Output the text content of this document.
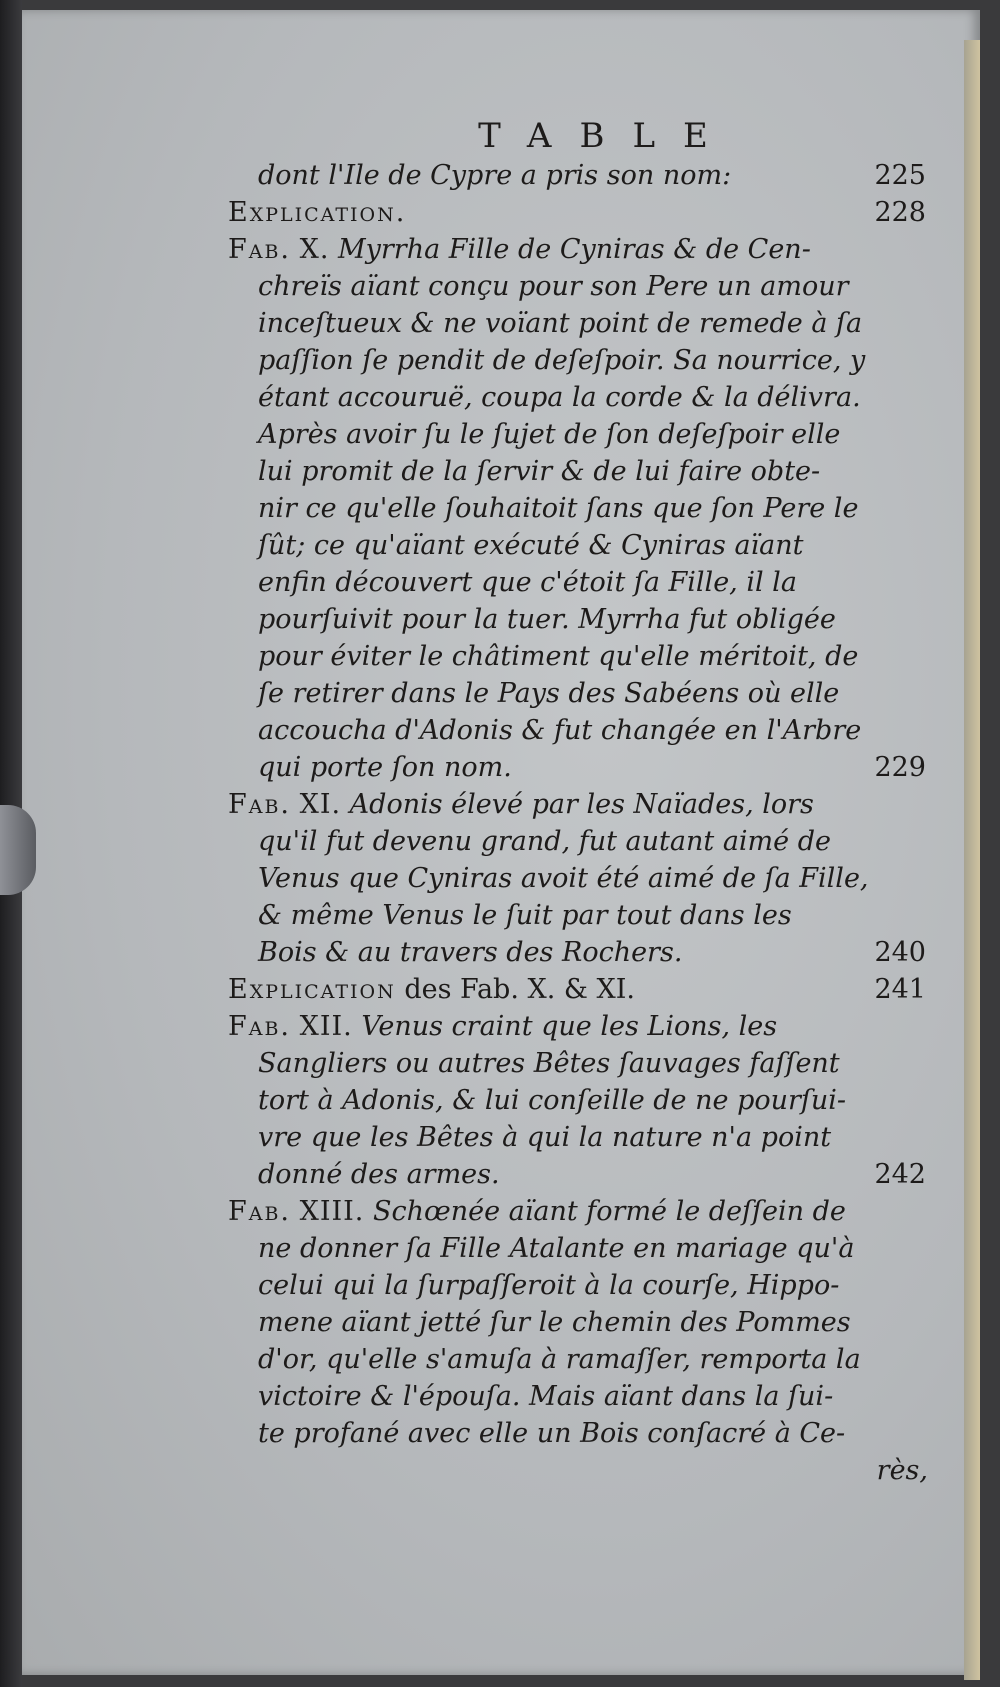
TABLE
dont l'Ile de Cypre a pris son nom:	225
Explication.	228
Fab. X. Myrrha Fille de Cyniras & de Cen-
chreïs aïant conçu pour son Pere un amour
inceſtueux & ne voïant point de remede à ſa
paſſion ſe pendit de deſeſpoir. Sa nourrice, y
étant accouruë, coupa la corde & la délivra.
Après avoir ſu le ſujet de ſon deſeſpoir elle
lui promit de la ſervir & de lui faire obte-
nir ce qu'elle ſouhaitoit ſans que ſon Pere le
ſût; ce qu'aïant exécuté & Cyniras aïant
enfin découvert que c'étoit ſa Fille, il la
pourſuivit pour la tuer. Myrrha fut obligée
pour éviter le châtiment qu'elle méritoit, de
ſe retirer dans le Pays des Sabéens où elle
accoucha d'Adonis & fut changée en l'Arbre
qui porte ſon nom.	229
Fab. XI. Adonis élevé par les Naïades, lors
qu'il fut devenu grand, fut autant aimé de
Venus que Cyniras avoit été aimé de ſa Fille,
& même Venus le ſuit par tout dans les
Bois & au travers des Rochers.	240
Explication des Fab. X. & XI.	241
Fab. XII. Venus craint que les Lions, les
Sangliers ou autres Bêtes ſauvages faſſent
tort à Adonis, & lui conſeille de ne pourſui-
vre que les Bêtes à qui la nature n'a point
donné des armes.	242
Fab. XIII. Schœnée aïant formé le deſſein de
ne donner ſa Fille Atalante en mariage qu'à
celui qui la ſurpaſſeroit à la courſe, Hippo-
mene aïant jetté ſur le chemin des Pommes
d'or, qu'elle s'amuſa à ramaſſer, remporta la
victoire & l'épouſa. Mais aïant dans la ſui-
te profané avec elle un Bois conſacré à Ce-
rès,
